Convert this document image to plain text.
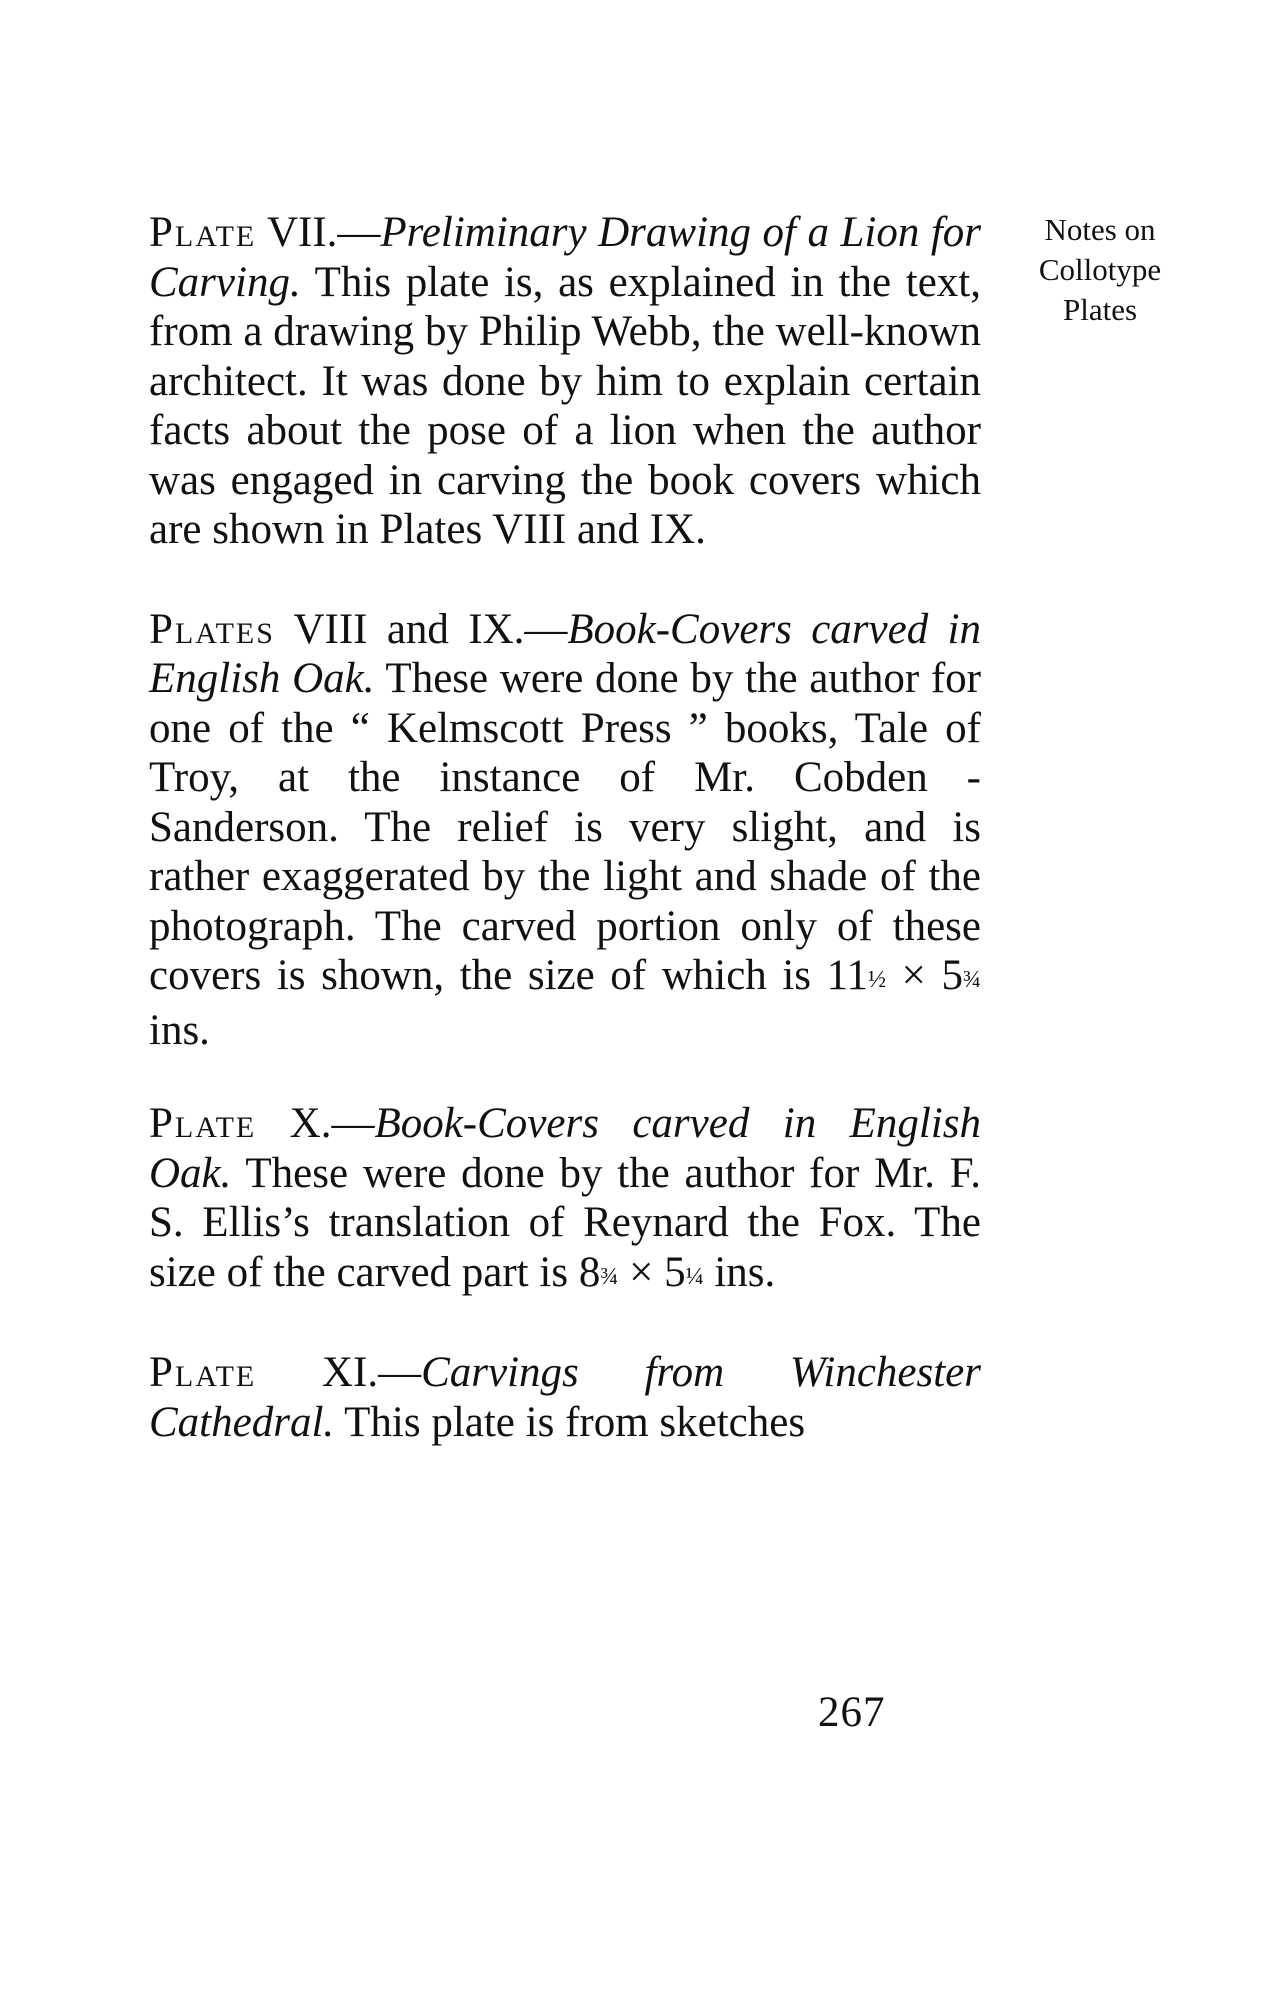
Notes on
Collotype
Plates

Plate VII.—Preliminary Drawing of a Lion for Carving. This plate is, as explained in the text, from a drawing by Philip Webb, the well-known architect. It was done by him to explain certain facts about the pose of a lion when the author was engaged in carving the book covers which are shown in Plates VIII and IX.

Plates VIII and IX.—Book-Covers carved in English Oak. These were done by the author for one of the “ Kelmscott Press ” books, Tale of Troy, at the instance of Mr. Cobden - Sanderson. The relief is very slight, and is rather exaggerated by the light and shade of the photograph. The carved portion only of these covers is shown, the size of which is 11½ × 5¾ ins.

Plate X.—Book-Covers carved in English Oak. These were done by the author for Mr. F. S. Ellis’s translation of Reynard the Fox. The size of the carved part is 8¾ × 5¼ ins.

Plate XI.—Carvings from Winchester Cathedral. This plate is from sketches

267
